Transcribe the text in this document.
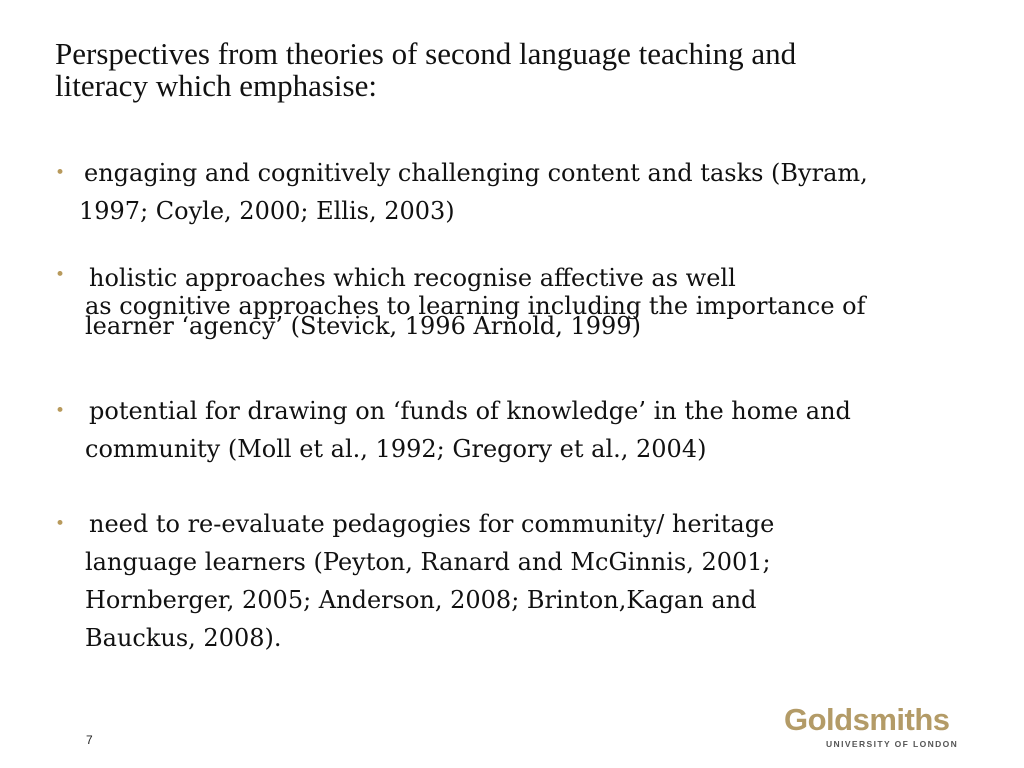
Perspectives from theories of second language teaching and
literacy which emphasise:
• engaging and cognitively challenging content and tasks (Byram,
1997; Coyle, 2000; Ellis, 2003)
• holistic approaches which recognise affective as well
as cognitive approaches to learning including the importance of
learner ‘agency’ (Stevick, 1996 Arnold, 1999)
• potential for drawing on ‘funds of knowledge’ in the home and
community (Moll et al., 1992; Gregory et al., 2004)
• need to re-evaluate pedagogies for community/ heritage
language learners (Peyton, Ranard and McGinnis, 2001;
Hornberger, 2005; Anderson, 2008; Brinton,Kagan and
Bauckus, 2008).
7
Goldsmiths
UNIVERSITY OF LONDON
